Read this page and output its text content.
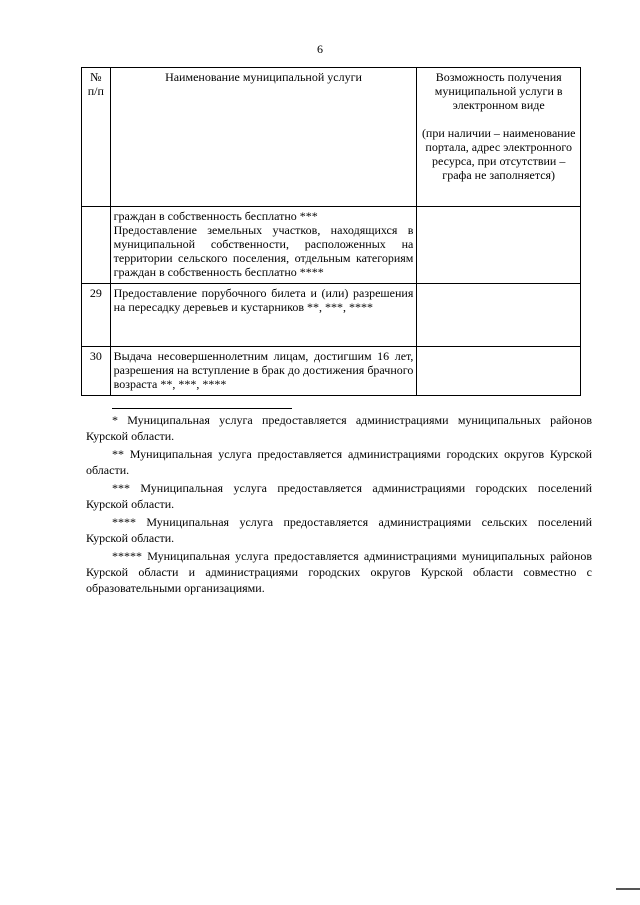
6
№ п/п	Наименование муниципальной услуги	Возможность получения муниципальной услуги в электронном виде
(при наличии – наименование портала, адрес электронного ресурса, при отсутствии – графа не заполняется)

	граждан в собственность бесплатно ***
Предоставление земельных участков, находящихся в муниципальной собственности, расположенных на территории сельского поселения, отдельным категориям граждан в собственность бесплатно ****	

29	Предоставление порубочного билета и (или) разрешения на пересадку деревьев и кустарников **, ***, ****	

30	Выдача несовершеннолетним лицам, достигшим 16 лет, разрешения на вступление в брак до достижения брачного возраста **, ***, ****	

* Муниципальная услуга предоставляется администрациями муниципальных районов Курской области.

** Муниципальная услуга предоставляется администрациями городских округов Курской области.

*** Муниципальная услуга предоставляется администрациями городских поселений Курской области.

**** Муниципальная услуга предоставляется администрациями сельских поселений Курской области.

***** Муниципальная услуга предоставляется администрациями муниципальных районов Курской области и администрациями городских округов Курской области совместно с образовательными организациями.
